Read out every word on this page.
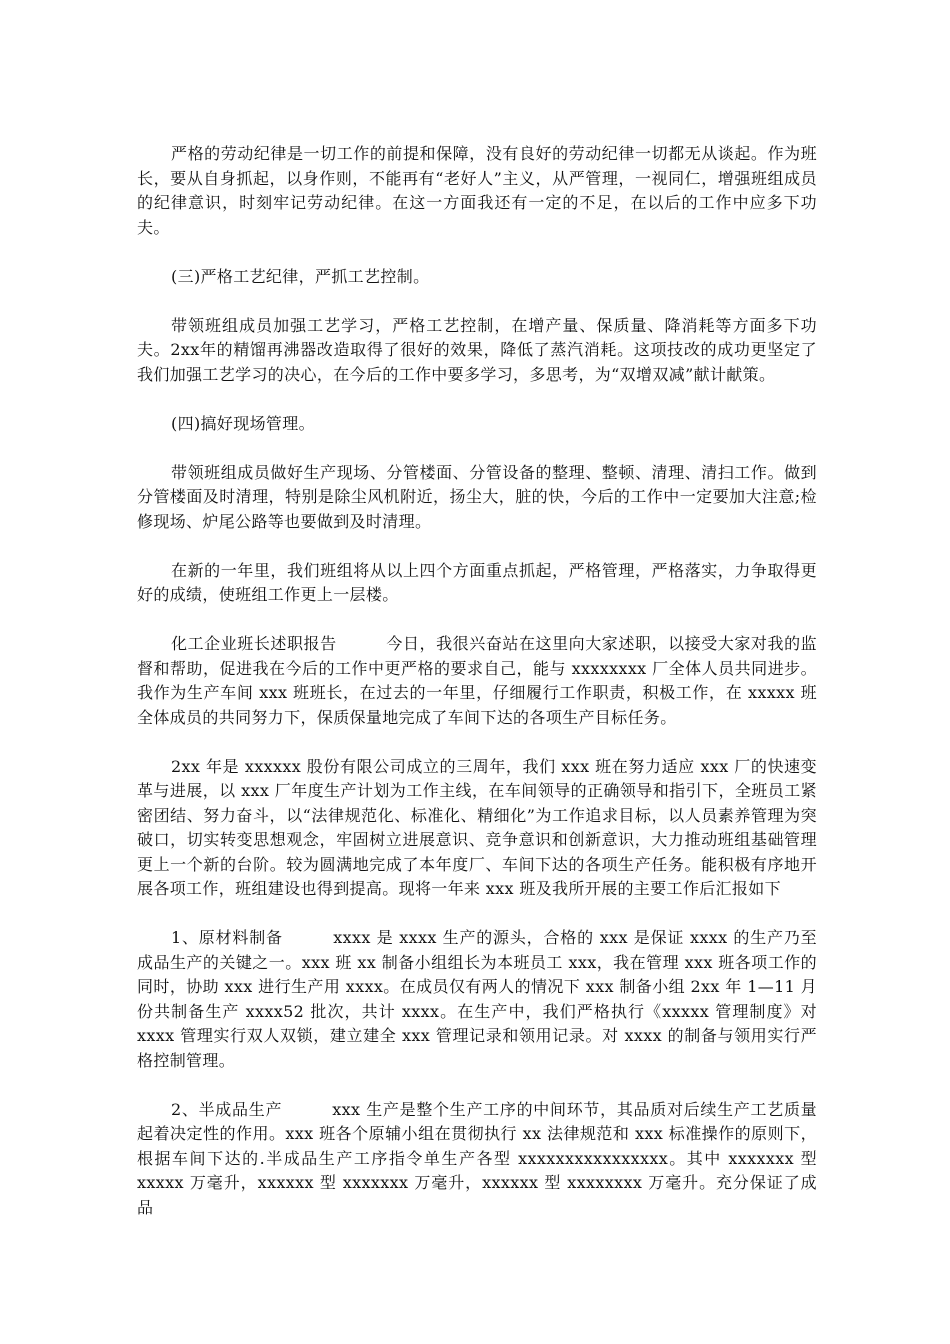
严格的劳动纪律是一切工作的前提和保障，没有良好的劳动纪律一切都无从谈起。作为班长，要从自身抓起，以身作则，不能再有“老好人”主义，从严管理，一视同仁，增强班组成员的纪律意识，时刻牢记劳动纪律。在这一方面我还有一定的不足，在以后的工作中应多下功夫。

(三)严格工艺纪律，严抓工艺控制。

带领班组成员加强工艺学习，严格工艺控制，在增产量、保质量、降消耗等方面多下功夫。2xx年的精馏再沸器改造取得了很好的效果，降低了蒸汽消耗。这项技改的成功更坚定了我们加强工艺学习的决心，在今后的工作中要多学习，多思考，为“双增双减”献计献策。

(四)搞好现场管理。

带领班组成员做好生产现场、分管楼面、分管设备的整理、整顿、清理、清扫工作。做到分管楼面及时清理，特别是除尘风机附近，扬尘大，脏的快，今后的工作中一定要加大注意;检修现场、炉尾公路等也要做到及时清理。

在新的一年里，我们班组将从以上四个方面重点抓起，严格管理，严格落实，力争取得更好的成绩，使班组工作更上一层楼。

化工企业班长述职报告　　　今日，我很兴奋站在这里向大家述职，以接受大家对我的监督和帮助，促进我在今后的工作中更严格的要求自己，能与 xxxxxxxx 厂全体人员共同进步。我作为生产车间 xxx 班班长，在过去的一年里，仔细履行工作职责，积极工作，在 xxxxx 班全体成员的共同努力下，保质保量地完成了车间下达的各项生产目标任务。

2xx 年是 xxxxxx 股份有限公司成立的三周年，我们 xxx 班在努力适应 xxx 厂的快速变革与进展，以 xxx 厂年度生产计划为工作主线，在车间领导的正确领导和指引下，全班员工紧密团结、努力奋斗，以“法律规范化、标准化、精细化”为工作追求目标，以人员素养管理为突破口，切实转变思想观念，牢固树立进展意识、竞争意识和创新意识，大力推动班组基础管理更上一个新的台阶。较为圆满地完成了本年度厂、车间下达的各项生产任务。能积极有序地开展各项工作，班组建设也得到提高。现将一年来 xxx 班及我所开展的主要工作后汇报如下

1、原材料制备　　　xxxx 是 xxxx 生产的源头，合格的 xxx 是保证 xxxx 的生产乃至成品生产的关键之一。xxx 班 xx 制备小组组长为本班员工 xxx，我在管理 xxx 班各项工作的同时，协助 xxx 进行生产用 xxxx。在成员仅有两人的情况下 xxx 制备小组 2xx 年 1—11 月份共制备生产 xxxx52 批次，共计 xxxx。在生产中，我们严格执行《xxxxx 管理制度》对 xxxx 管理实行双人双锁，建立建全 xxx 管理记录和领用记录。对 xxxx 的制备与领用实行严格控制管理。

2、半成品生产　　　xxx 生产是整个生产工序的中间环节，其品质对后续生产工艺质量起着决定性的作用。xxx 班各个原辅小组在贯彻执行 xx 法律规范和 xxx 标准操作的原则下，根据车间下达的.半成品生产工序指令单生产各型 xxxxxxxxxxxxxxxx。其中 xxxxxxx 型 xxxxx 万毫升，xxxxxx 型 xxxxxxx 万毫升，xxxxxx 型 xxxxxxxx 万毫升。充分保证了成品
